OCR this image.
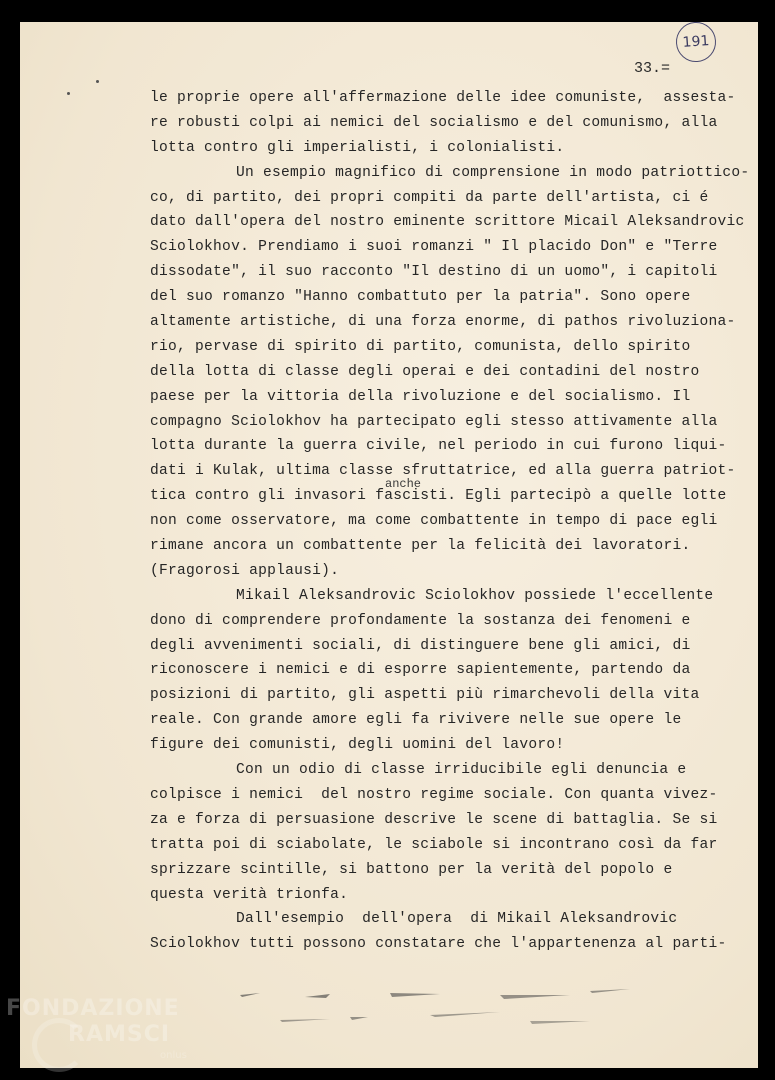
191
33.=
le proprie opere all'affermazione delle idee comuniste,  assesta-
re robusti colpi ai nemici del socialismo e del comunismo, alla
lotta contro gli imperialisti, i colonialisti.
Un esempio magnifico di comprensione in modo patriottico-
co, di partito, dei propri compiti da parte dell'artista, ci é
dato dall'opera del nostro eminente scrittore Micail Aleksandrovic
Sciolokhov. Prendiamo i suoi romanzi " Il placido Don" e "Terre
dissodate", il suo racconto "Il destino di un uomo", i capitoli
del suo romanzo "Hanno combattuto per la patria". Sono opere
altamente artistiche, di una forza enorme, di pathos rivoluziona-
rio, pervase di spirito di partito, comunista, dello spirito
della lotta di classe degli operai e dei contadini del nostro
paese per la vittoria della rivoluzione e del socialismo. Il
compagno Sciolokhov ha partecipato egli stesso attivamente alla
lotta durante la guerra civile, nel periodo in cui furono liqui-
dati i Kulak, ultima classe sfruttatrice, ed alla guerra patriot-
tica contro gli invasori fascisti. Egli partecipò a quelle lotte
non come osservatore, ma come combattente in tempo di pace egli
rimane ancora un combattente per la felicità dei lavoratori.
(Fragorosi applausi).
Mikail Aleksandrovic Sciolokhov possiede l'eccellente
dono di comprendere profondamente la sostanza dei fenomeni e
degli avvenimenti sociali, di distinguere bene gli amici, di
riconoscere i nemici e di esporre sapientemente, partendo da
posizioni di partito, gli aspetti più rimarchevoli della vita
reale. Con grande amore egli fa rivivere nelle sue opere le
figure dei comunisti, degli uomini del lavoro!
Con un odio di classe irriducibile egli denuncia e
colpisce i nemici  del nostro regime sociale. Con quanta vivez-
za e forza di persuasione descrive le scene di battaglia. Se si
tratta poi di sciabolate, le sciabole si incontrano così da far
sprizzare scintille, si battono per la verità del popolo e
questa verità trionfa.
Dall'esempio  dell'opera  di Mikail Aleksandrovic
Sciolokhov tutti possono constatare che l'appartenenza al parti-
anche
FONDAZIONE
RAMSCI
onlus
